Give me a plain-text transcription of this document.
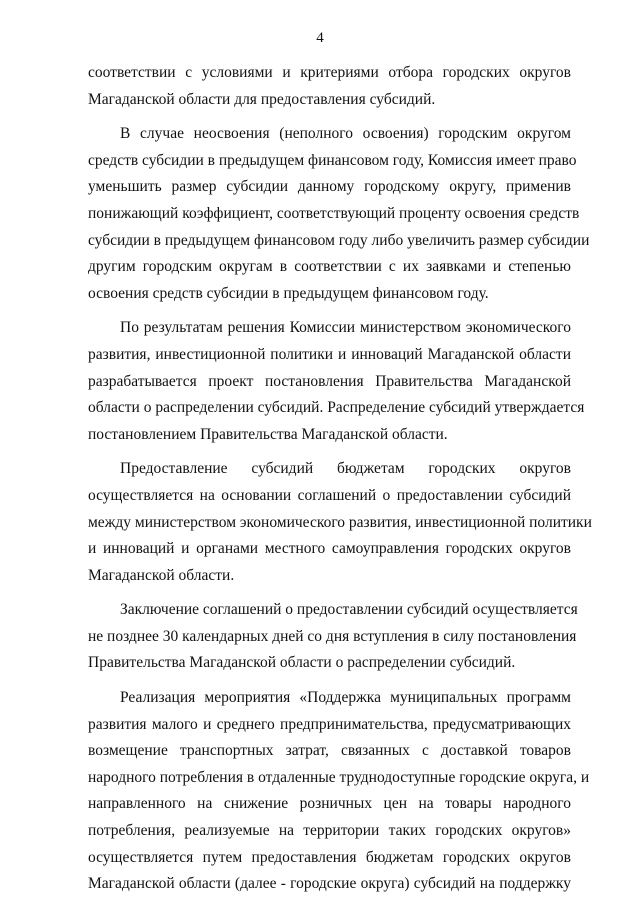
4
соответствии с условиями и критериями отбора городских округов
Магаданской области для предоставления субсидий.
В случае неосвоения (неполного освоения) городским округом
средств субсидии в предыдущем финансовом году, Комиссия имеет право
уменьшить размер субсидии данному городскому округу, применив
понижающий коэффициент, соответствующий проценту освоения средств
субсидии в предыдущем финансовом году либо увеличить размер субсидии
другим городским округам в соответствии с их заявками и степенью
освоения средств субсидии в предыдущем финансовом году.
По результатам решения Комиссии министерством экономического
развития, инвестиционной политики и инноваций Магаданской области
разрабатывается проект постановления Правительства Магаданской
области о распределении субсидий. Распределение субсидий утверждается
постановлением Правительства Магаданской области.
Предоставление субсидий бюджетам городских округов
осуществляется на основании соглашений о предоставлении субсидий
между министерством экономического развития, инвестиционной политики
и инноваций и органами местного самоуправления городских округов
Магаданской области.
Заключение соглашений о предоставлении субсидий осуществляется
не позднее 30 календарных дней со дня вступления в силу постановления
Правительства Магаданской области о распределении субсидий.
Реализация мероприятия «Поддержка муниципальных программ
развития малого и среднего предпринимательства, предусматривающих
возмещение транспортных затрат, связанных с доставкой товаров
народного потребления в отдаленные труднодоступные городские округа, и
направленного на снижение розничных цен на товары народного
потребления, реализуемые на территории таких городских округов»
осуществляется путем предоставления бюджетам городских округов
Магаданской области (далее - городские округа) субсидий на поддержку
